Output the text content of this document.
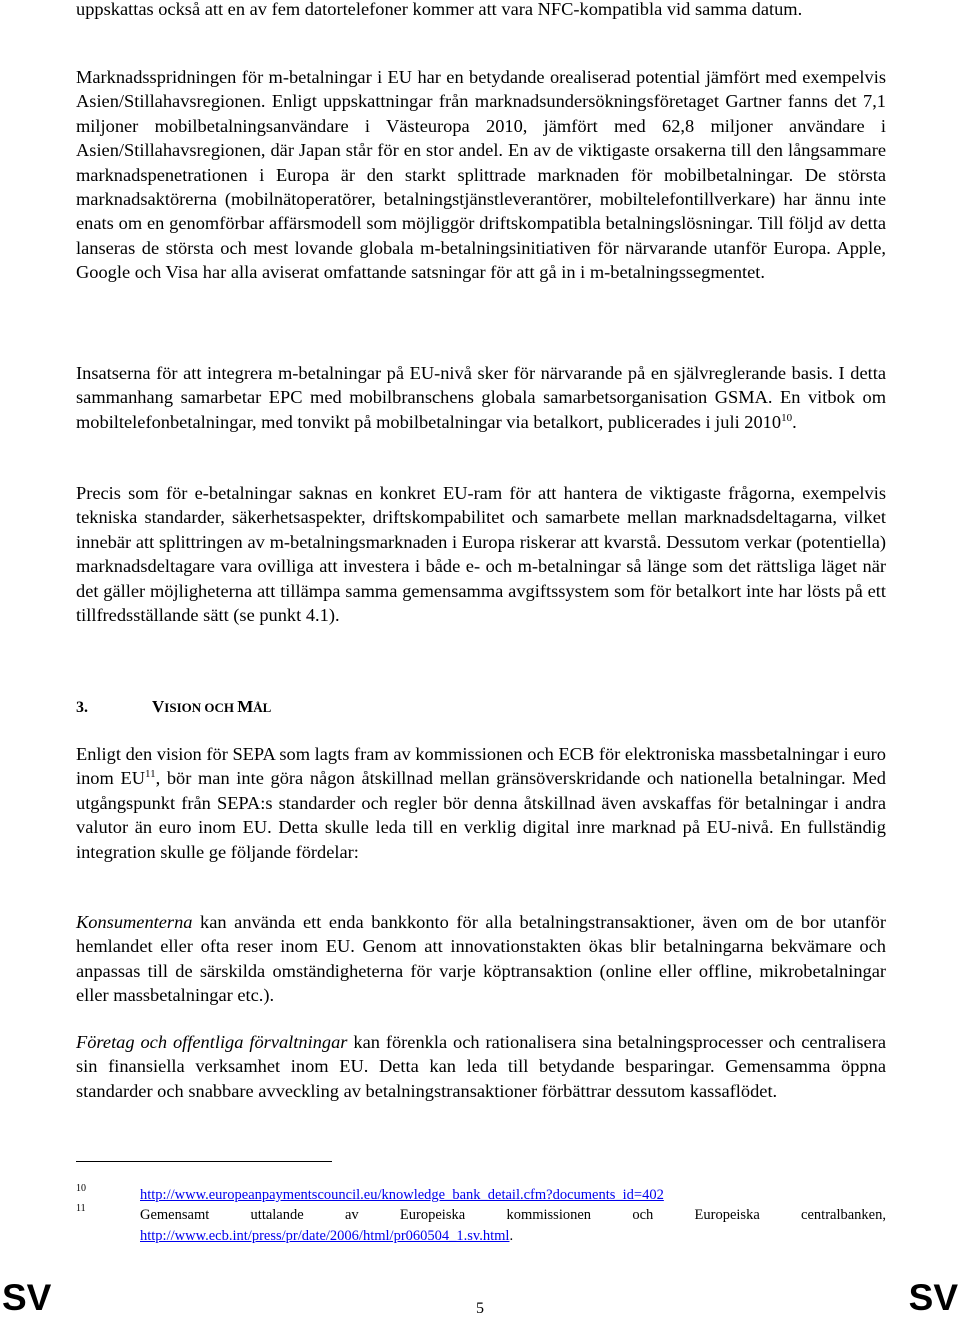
uppskattas också att en av fem datortelefoner kommer att vara NFC-kompatibla vid samma datum.

Marknadsspridningen för m-betalningar i EU har en betydande orealiserad potential jämfört med exempelvis Asien/Stillahavsregionen. Enligt uppskattningar från marknadsundersökningsföretaget Gartner fanns det 7,1 miljoner mobilbetalningsanvändare i Västeuropa 2010, jämfört med 62,8 miljoner användare i Asien/Stillahavsregionen, där Japan står för en stor andel. En av de viktigaste orsakerna till den långsammare marknadspenetrationen i Europa är den starkt splittrade marknaden för mobilbetalningar. De största marknadsaktörerna (mobilnätoperatörer, betalningstjänstleverantörer, mobiltelefontillverkare) har ännu inte enats om en genomförbar affärsmodell som möjliggör driftskompatibla betalningslösningar. Till följd av detta lanseras de största och mest lovande globala m-betalningsinitiativen för närvarande utanför Europa. Apple, Google och Visa har alla aviserat omfattande satsningar för att gå in i m-betalningssegmentet.

Insatserna för att integrera m-betalningar på EU-nivå sker för närvarande på en självreglerande basis. I detta sammanhang samarbetar EPC med mobilbranschens globala samarbetsorganisation GSMA. En vitbok om mobiltelefonbetalningar, med tonvikt på mobilbetalningar via betalkort, publicerades i juli 2010$^{10}$.

Precis som för e-betalningar saknas en konkret EU-ram för att hantera de viktigaste frågorna, exempelvis tekniska standarder, säkerhetsaspekter, driftskompabilitet och samarbete mellan marknadsdeltagarna, vilket innebär att splittringen av m-betalningsmarknaden i Europa riskerar att kvarstå. Dessutom verkar (potentiella) marknadsdeltagare vara ovilliga att investera i både e- och m-betalningar så länge som det rättsliga läget när det gäller möjligheterna att tillämpa samma gemensamma avgiftssystem som för betalkort inte har lösts på ett tillfredsställande sätt (se punkt 4.1).

3.	VISION OCH MÅL

Enligt den vision för SEPA som lagts fram av kommissionen och ECB för elektroniska massbetalningar i euro inom EU$^{11}$, bör man inte göra någon åtskillnad mellan gränsöverskridande och nationella betalningar. Med utgångspunkt från SEPA:s standarder och regler bör denna åtskillnad även avskaffas för betalningar i andra valutor än euro inom EU. Detta skulle leda till en verklig digital inre marknad på EU-nivå. En fullständig integration skulle ge följande fördelar:

Konsumenterna kan använda ett enda bankkonto för alla betalningstransaktioner, även om de bor utanför hemlandet eller ofta reser inom EU. Genom att innovationstakten ökas blir betalningarna bekvämare och anpassas till de särskilda omständigheterna för varje köptransaktion (online eller offline, mikrobetalningar eller massbetalningar etc.).

Företag och offentliga förvaltningar kan förenkla och rationalisera sina betalningsprocesser och centralisera sin finansiella verksamhet inom EU. Detta kan leda till betydande besparingar. Gemensamma öppna standarder och snabbare avveckling av betalningstransaktioner förbättrar dessutom kassaflödet.

10	http://www.europeanpaymentscouncil.eu/knowledge_bank_detail.cfm?documents_id=402
11	Gemensamt uttalande av Europeiska kommissionen och Europeiska centralbanken, http://www.ecb.int/press/pr/date/2006/html/pr060504_1.sv.html.
SV	5	SV
